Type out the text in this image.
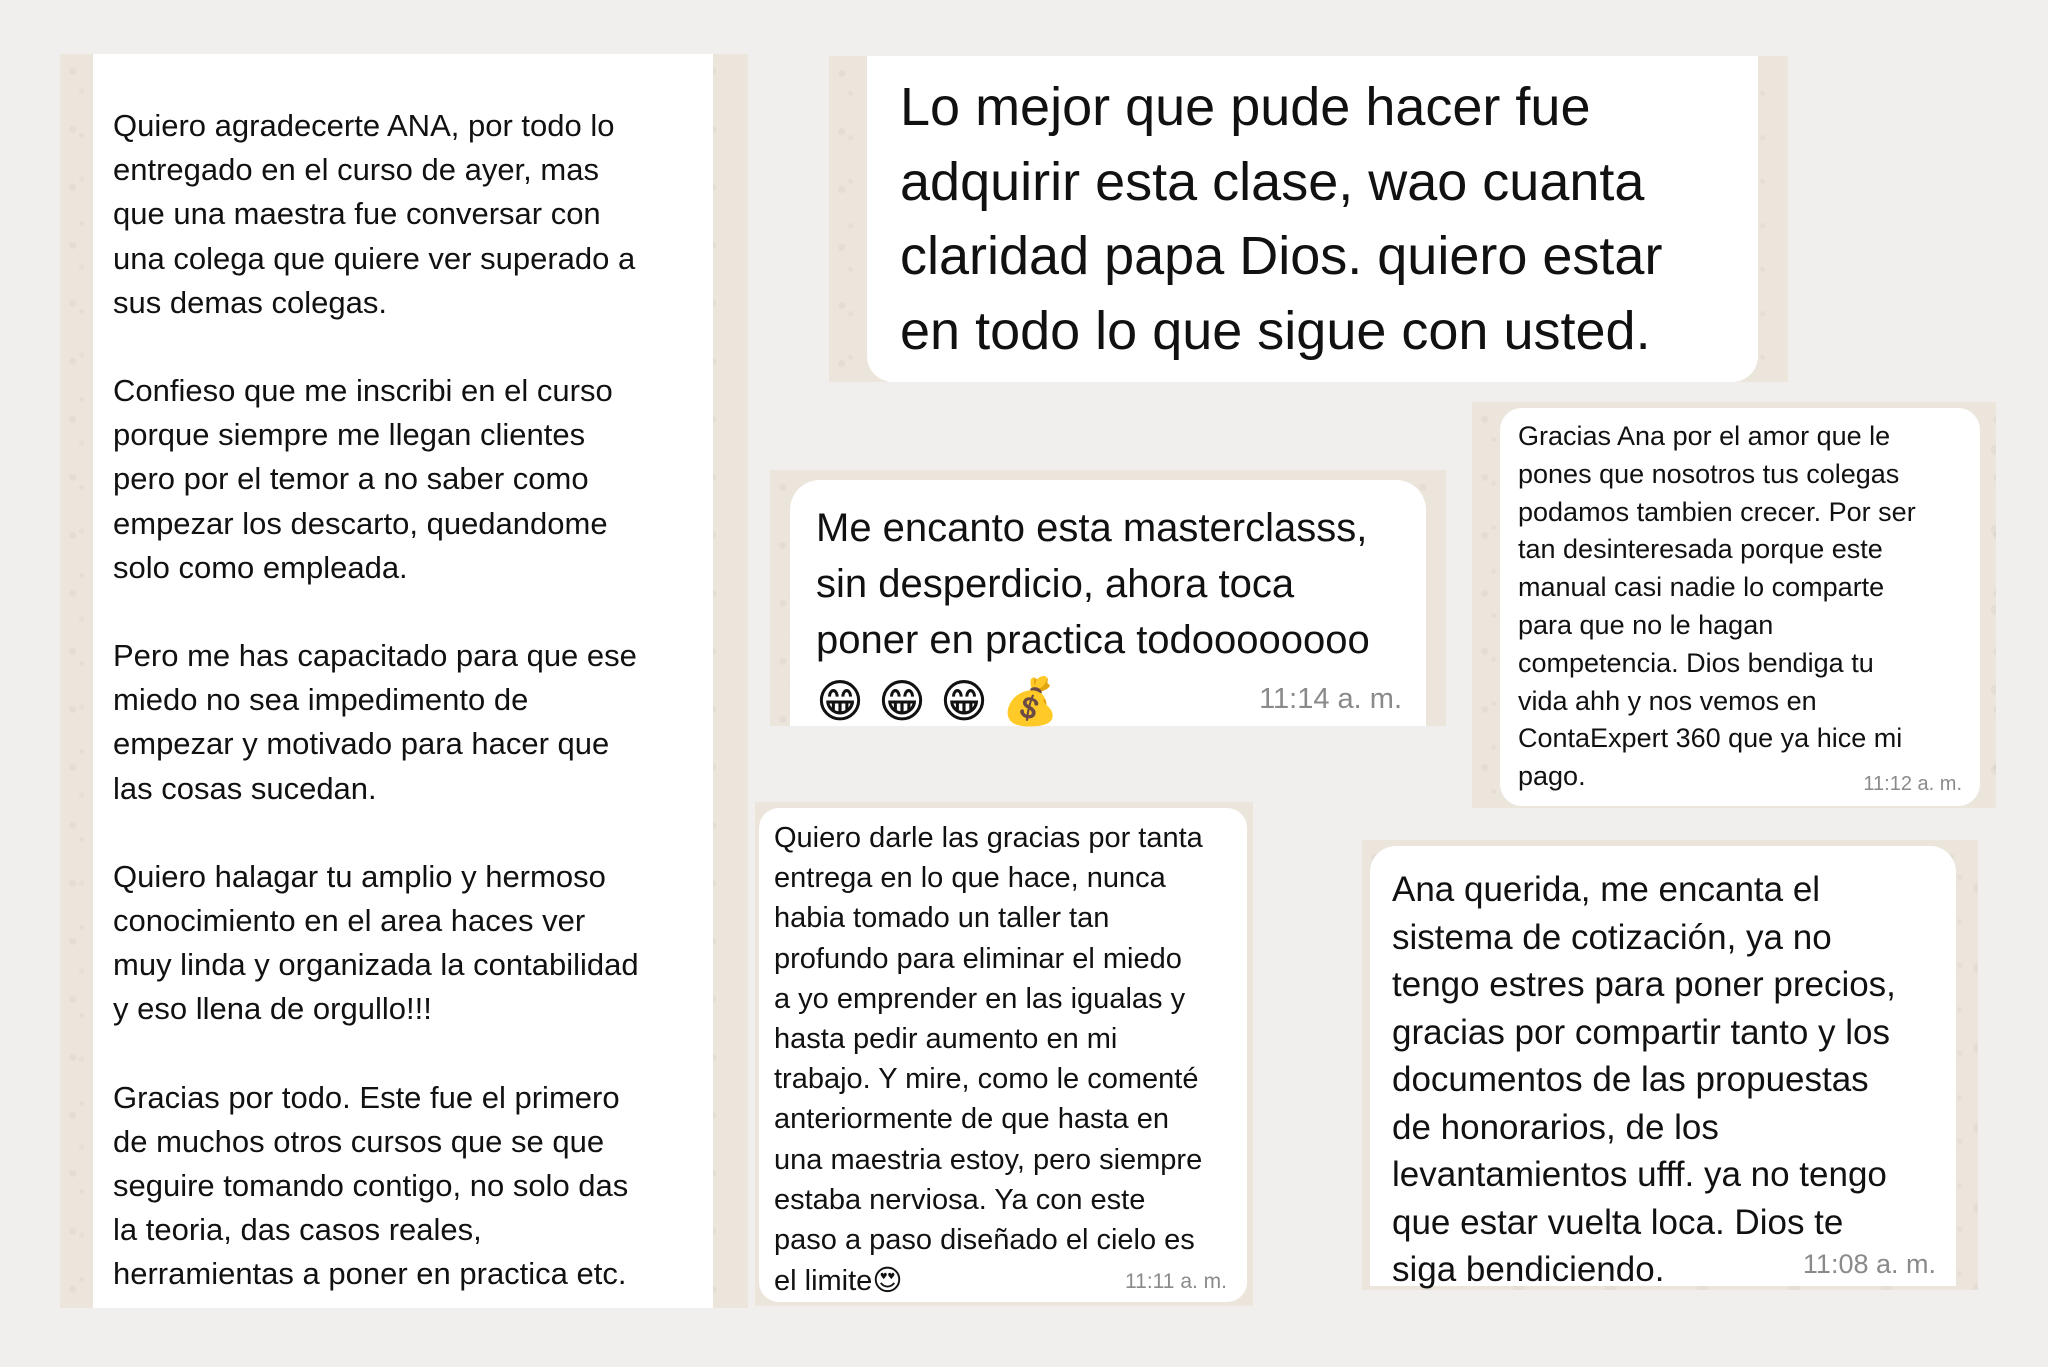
Quiero agradecerte ANA, por todo lo
entregado en el curso de ayer, mas
que una maestra fue conversar con
una colega que quiere ver superado a
sus demas colegas.

Confieso que me inscribi en el curso
porque siempre me llegan clientes
pero por el temor a no saber como
empezar los descarto, quedandome
solo como empleada.

Pero me has capacitado para que ese
miedo no sea impedimento de
empezar y motivado para hacer que
las cosas sucedan.

Quiero halagar tu amplio y hermoso
conocimiento en el area haces ver
muy linda y organizada la contabilidad
y eso llena de orgullo!!!

Gracias por todo. Este fue el primero
de muchos otros cursos que se que
seguire tomando contigo, no solo das
la teoria, das casos reales,
herramientas a poner en practica etc.

Lo mejor que pude hacer fue
adquirir esta clase, wao cuanta
claridad papa Dios. quiero estar
en todo lo que sigue con usted.

Me encanto esta masterclasss,
sin desperdicio, ahora toca
poner en practica todoooooooo

😁 😁 😁 💰	11:14 a. m.

Gracias Ana por el amor que le
pones que nosotros tus colegas
podamos tambien crecer. Por ser
tan desinteresada porque este
manual casi nadie lo comparte
para que no le hagan
competencia. Dios bendiga tu
vida ahh y nos vemos en
ContaExpert 360 que ya hice mi
pago.	11:12 a. m.

Quiero darle las gracias por tanta
entrega en lo que hace, nunca
habia tomado un taller tan
profundo para eliminar el miedo
a yo emprender en las igualas y
hasta pedir aumento en mi
trabajo. Y mire, como le comenté
anteriormente de que hasta en
una maestria estoy, pero siempre
estaba nerviosa. Ya con este
paso a paso diseñado el cielo es
el limite😍	11:11 a. m.

Ana querida, me encanta el
sistema de cotización, ya no
tengo estres para poner precios,
gracias por compartir tanto y los
documentos de las propuestas
de honorarios, de los
levantamientos ufff. ya no tengo
que estar vuelta loca. Dios te
siga bendiciendo.	11:08 a. m.
